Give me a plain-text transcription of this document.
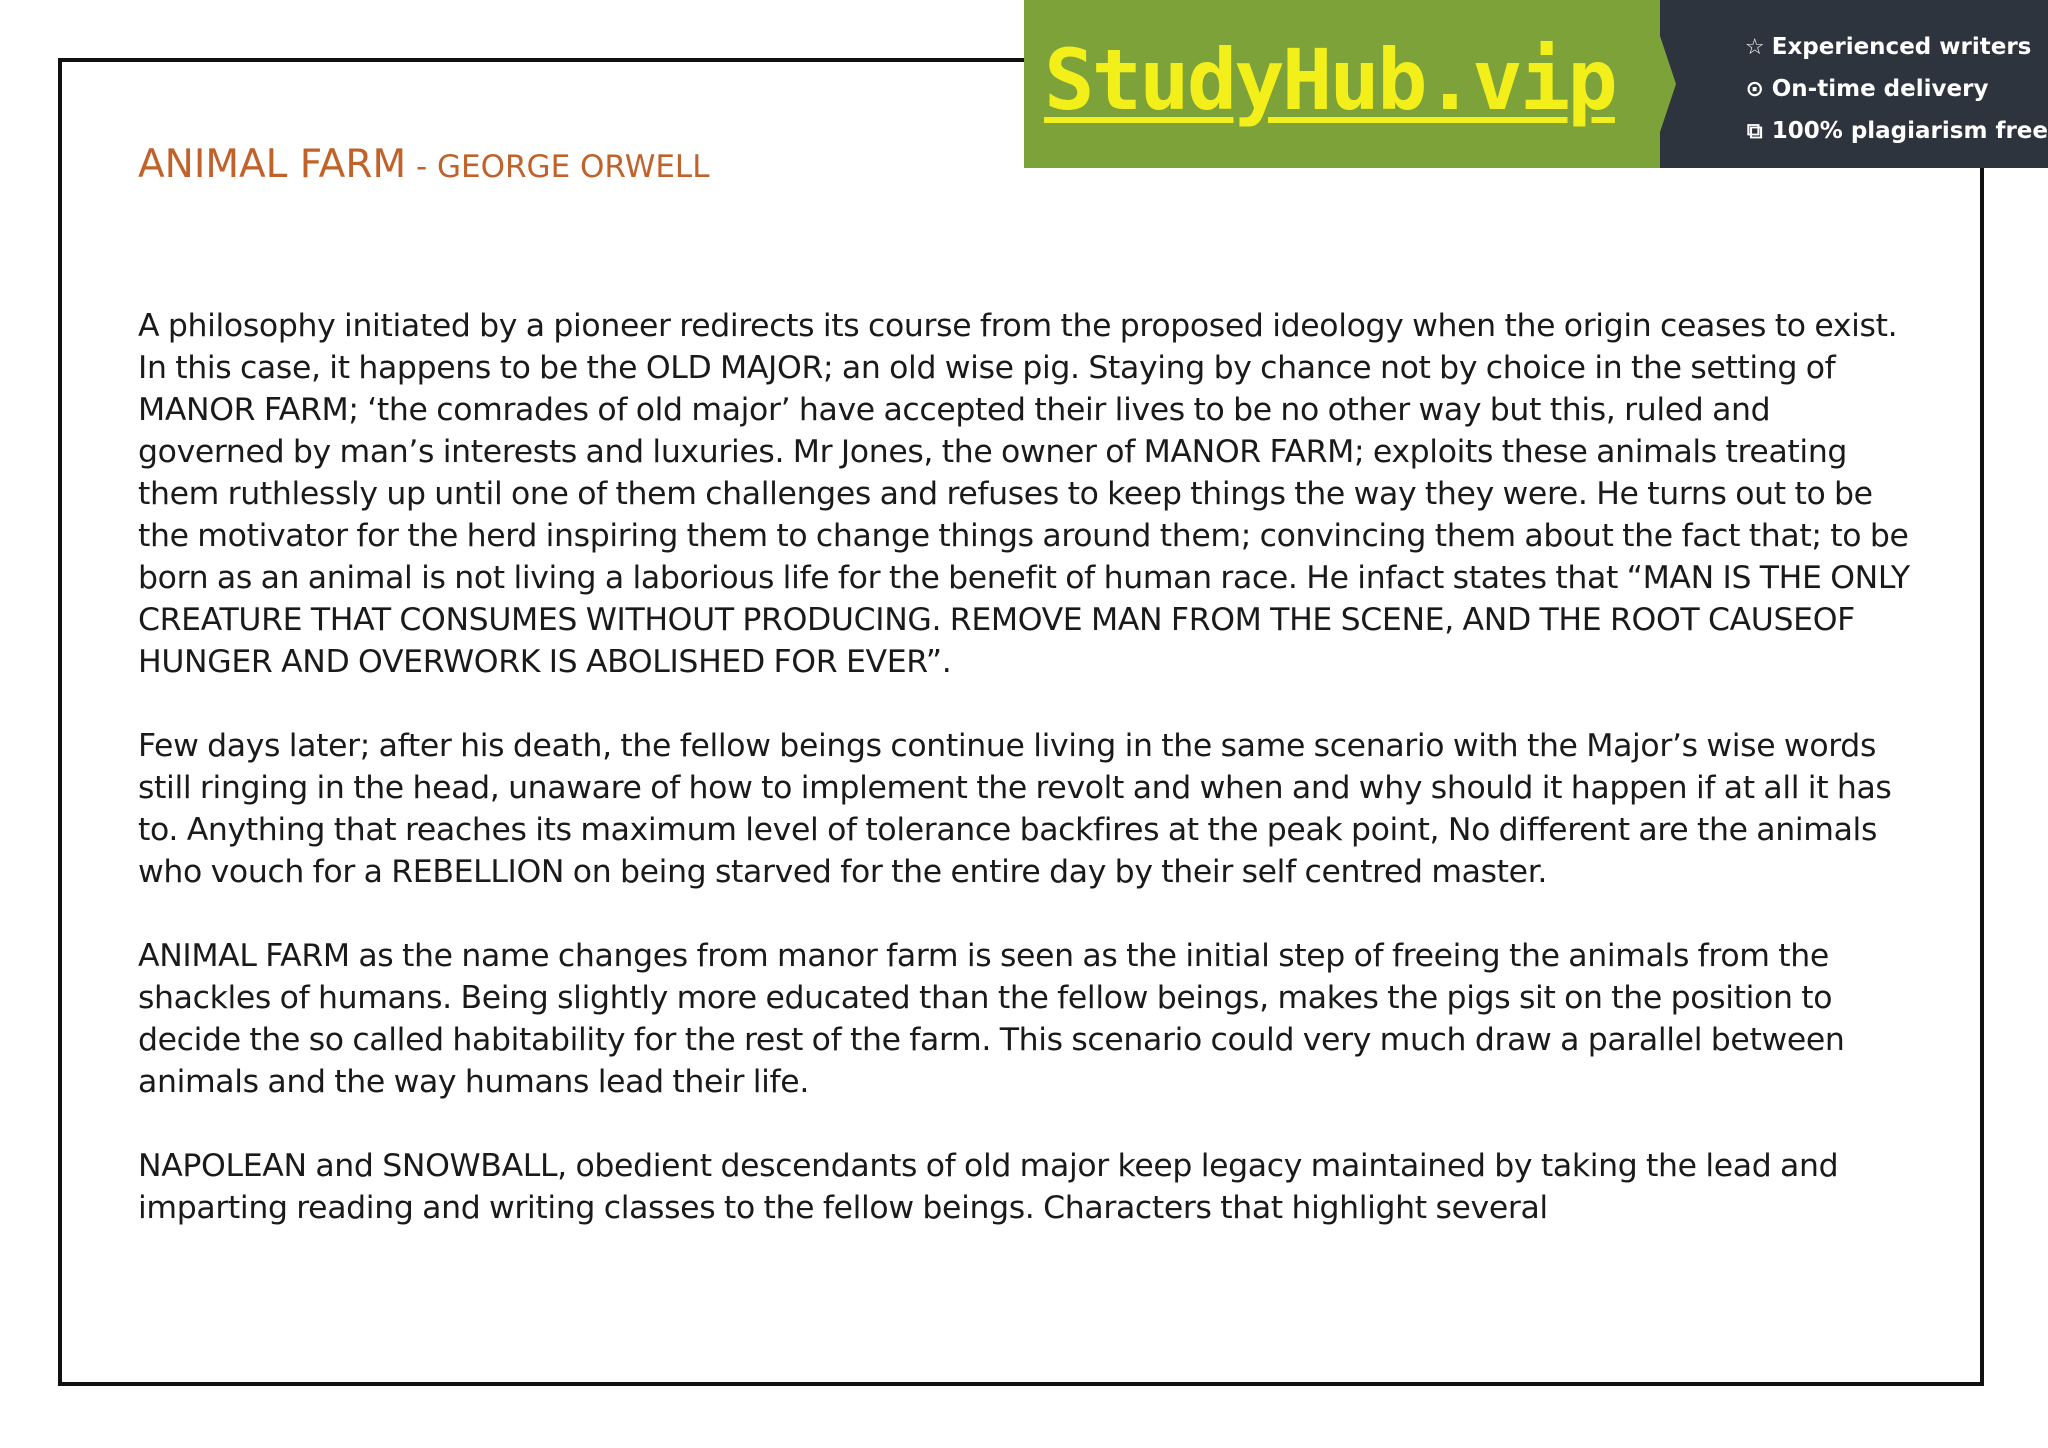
ANIMAL FARM - GEORGE ORWELL

A philosophy initiated by a pioneer redirects its course from the proposed ideology when the origin ceases to exist. In this case, it happens to be the OLD MAJOR; an old wise pig. Staying by chance not by choice in the setting of MANOR FARM; ‘the comrades of old major’ have accepted their lives to be no other way but this, ruled and governed by man’s interests and luxuries. Mr Jones, the owner of MANOR FARM; exploits these animals treating them ruthlessly up until one of them challenges and refuses to keep things the way they were. He turns out to be the motivator for the herd inspiring them to change things around them; convincing them about the fact that; to be born as an animal is not living a laborious life for the benefit of human race. He infact states that “MAN IS THE ONLY CREATURE THAT CONSUMES WITHOUT PRODUCING. REMOVE MAN FROM THE SCENE, AND THE ROOT CAUSEOF HUNGER AND OVERWORK IS ABOLISHED FOR EVER”.

Few days later; after his death, the fellow beings continue living in the same scenario with the Major’s wise words still ringing in the head, unaware of how to implement the revolt and when and why should it happen if at all it has to. Anything that reaches its maximum level of tolerance backfires at the peak point, No different are the animals who vouch for a REBELLION on being starved for the entire day by their self centred master.

ANIMAL FARM as the name changes from manor farm is seen as the initial step of freeing the animals from the shackles of humans. Being slightly more educated than the fellow beings, makes the pigs sit on the position to decide the so called habitability for the rest of the farm. This scenario could very much draw a parallel between animals and the way humans lead their life.

NAPOLEAN and SNOWBALL, obedient descendants of old major keep legacy maintained by taking the lead and imparting reading and writing classes to the fellow beings. Characters that highlight several

StudyHub.vip	☆ Experienced writers
⊙ On-time delivery
⧉ 100% plagiarism free
